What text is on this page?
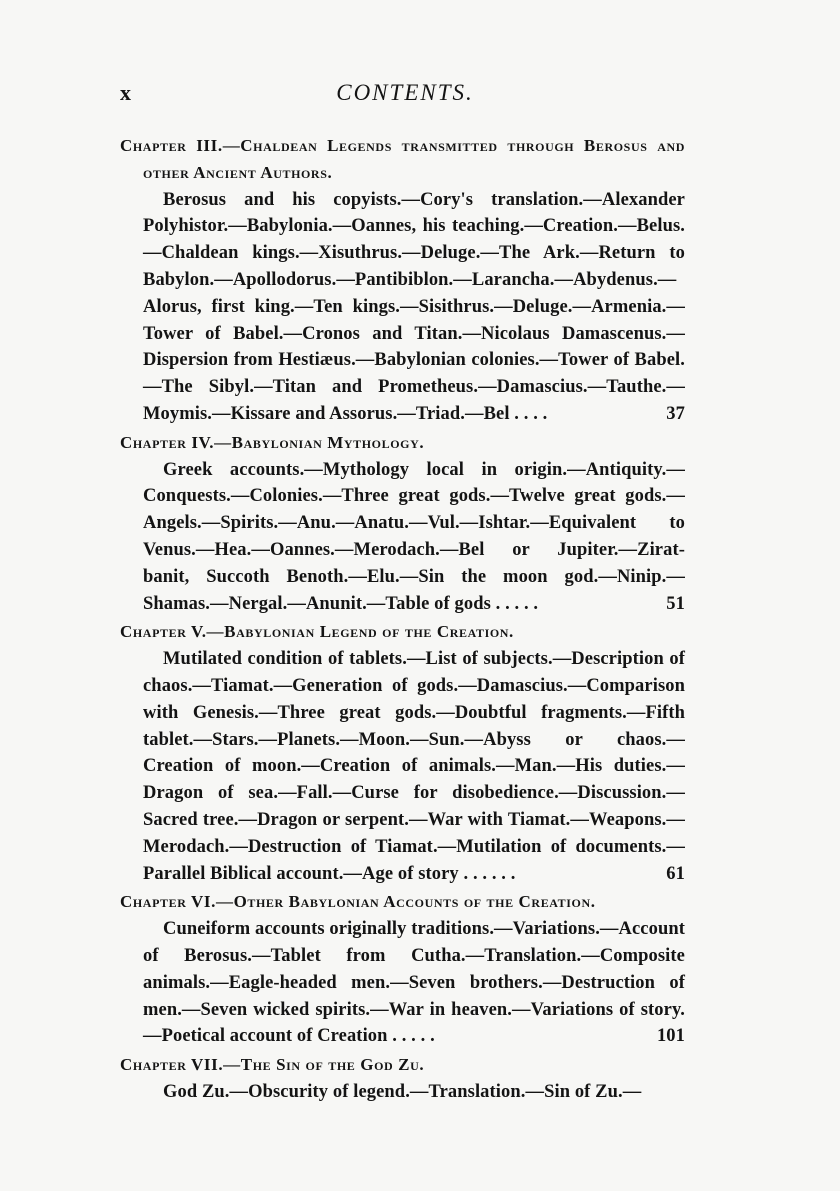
x	CONTENTS.
Chapter III.—Chaldean Legends transmitted through Berosus and other Ancient Authors.
Berosus and his copyists.—Cory's translation.—Alexander Polyhistor.—Babylonia.—Oannes, his teaching.—Creation.—Belus.—Chaldean kings.—Xisuthrus.—Deluge.—The Ark.—Return to Babylon.—Apollodorus.—Pantibiblon.—Larancha.—Abydenus.—Alorus, first king.—Ten kings.—Sisithrus.—Deluge.—Armenia.—Tower of Babel.—Cronos and Titan.—Nicolaus Damascenus.—Dispersion from Hestiæus.—Babylonian colonies.—Tower of Babel.—The Sibyl.—Titan and Prometheus.—Damascius.—Tauthe.—Moymis.—Kissare and Assorus.—Triad.—Bel . . . .	37
Chapter IV.—Babylonian Mythology.
Greek accounts.—Mythology local in origin.—Antiquity.—Conquests.—Colonies.—Three great gods.—Twelve great gods.—Angels.—Spirits.—Anu.—Anatu.—Vul.—Ishtar.—Equivalent to Venus.—Hea.—Oannes.—Merodach.—Bel or Jupiter.—Zirat-banit, Succoth Benoth.—Elu.—Sin the moon god.—Ninip.—Shamas.—Nergal.—Anunit.—Table of gods . . . . .	51
Chapter V.—Babylonian Legend of the Creation.
Mutilated condition of tablets.—List of subjects.—Description of chaos.—Tiamat.—Generation of gods.—Damascius.—Comparison with Genesis.—Three great gods.—Doubtful fragments.—Fifth tablet.—Stars.—Planets.—Moon.—Sun.—Abyss or chaos.—Creation of moon.—Creation of animals.—Man.—His duties.—Dragon of sea.—Fall.—Curse for disobedience.—Discussion.—Sacred tree.—Dragon or serpent.—War with Tiamat.—Weapons.—Merodach.—Destruction of Tiamat.—Mutilation of documents.—Parallel Biblical account.—Age of story . . . . . .	61
Chapter VI.—Other Babylonian Accounts of the Creation.
Cuneiform accounts originally traditions.—Variations.—Account of Berosus.—Tablet from Cutha.—Translation.—Composite animals.—Eagle-headed men.—Seven brothers.—Destruction of men.—Seven wicked spirits.—War in heaven.—Variations of story.—Poetical account of Creation . . . . .	101
Chapter VII.—The Sin of the God Zu.
God Zu.—Obscurity of legend.—Translation.—Sin of Zu.—
